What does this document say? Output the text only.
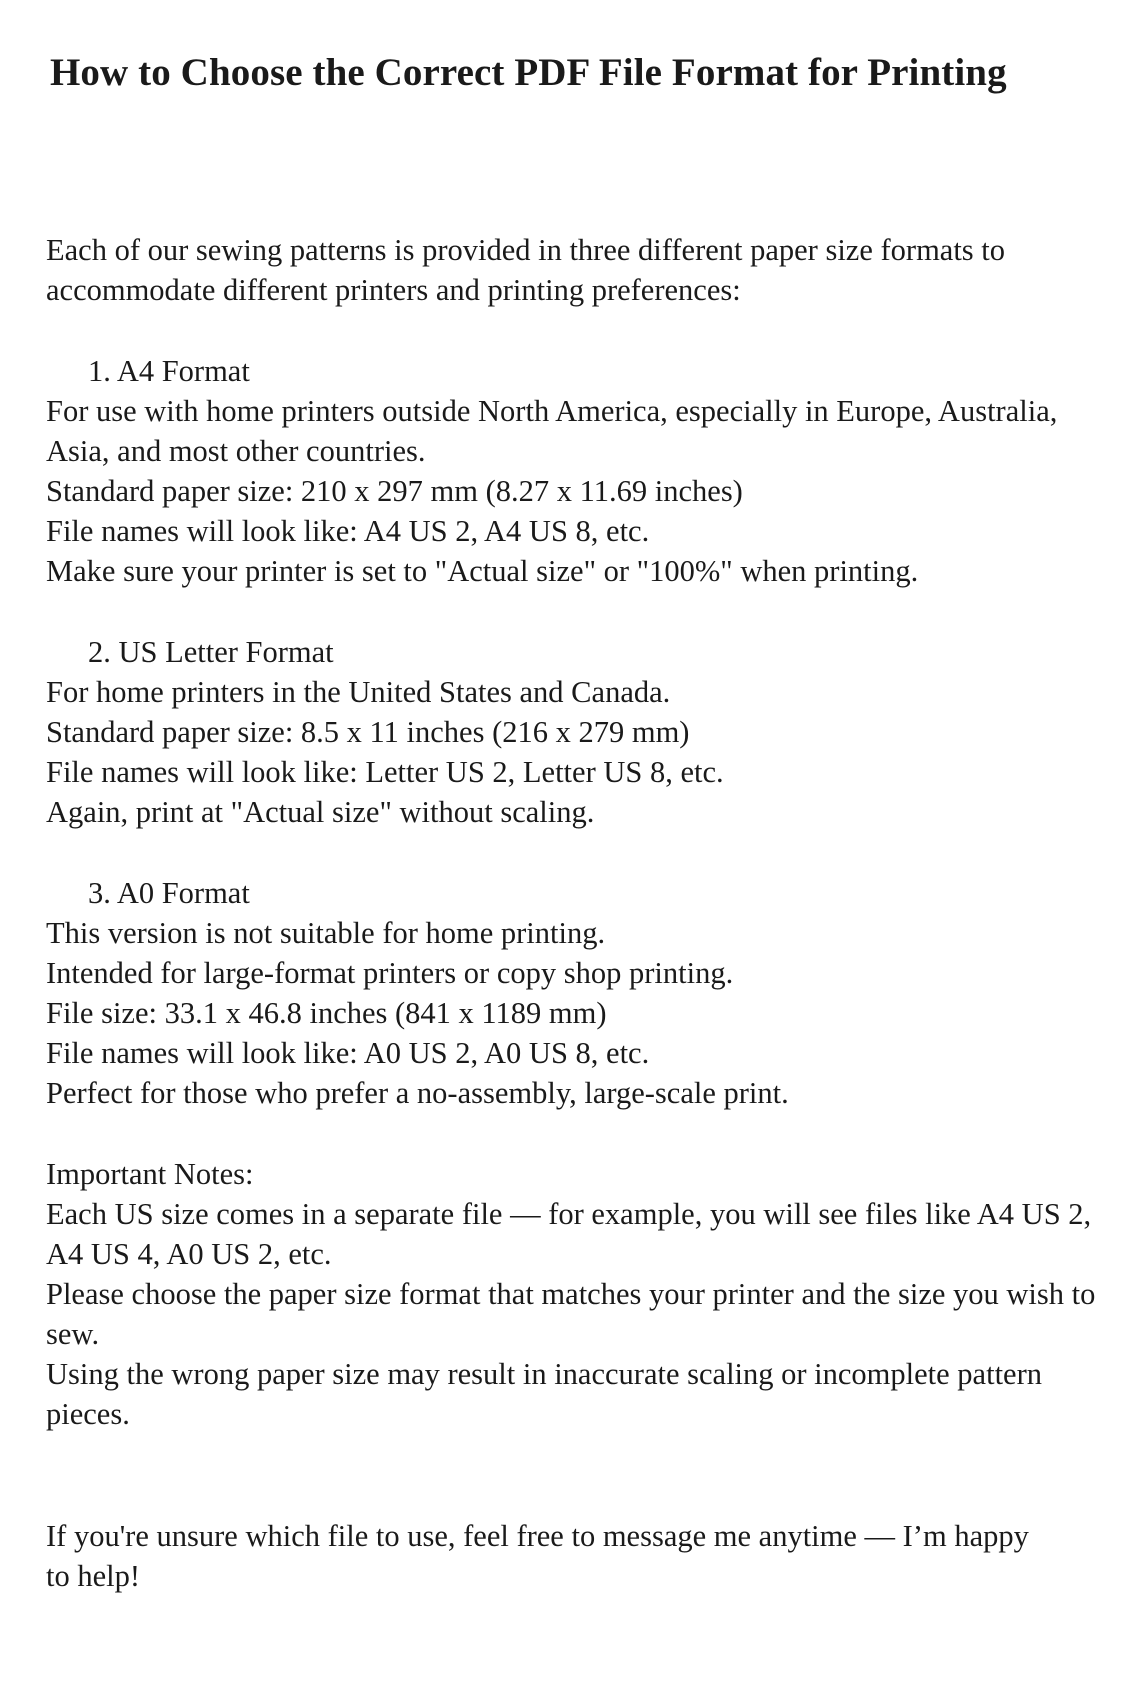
How to Choose the Correct PDF File Format for Printing

Each of our sewing patterns is provided in three different paper size formats to accommodate different printers and printing preferences:

1. A4 Format

For use with home printers outside North America, especially in Europe, Australia, Asia, and most other countries.
Standard paper size: 210 x 297 mm (8.27 x 11.69 inches)
File names will look like: A4 US 2, A4 US 8, etc.
Make sure your printer is set to "Actual size" or "100%" when printing.

2. US Letter Format

For home printers in the United States and Canada.
Standard paper size: 8.5 x 11 inches (216 x 279 mm)
File names will look like: Letter US 2, Letter US 8, etc.
Again, print at "Actual size" without scaling.

3. A0 Format

This version is not suitable for home printing.
Intended for large-format printers or copy shop printing.
File size: 33.1 x 46.8 inches (841 x 1189 mm)
File names will look like: A0 US 2, A0 US 8, etc.
Perfect for those who prefer a no-assembly, large-scale print.

Important Notes:

Each US size comes in a separate file — for example, you will see files like A4 US 2, A4 US 4, A0 US 2, etc.
Please choose the paper size format that matches your printer and the size you wish to sew.
Using the wrong paper size may result in inaccurate scaling or incomplete pattern pieces.

If you're unsure which file to use, feel free to message me anytime — I’m happy to help!
